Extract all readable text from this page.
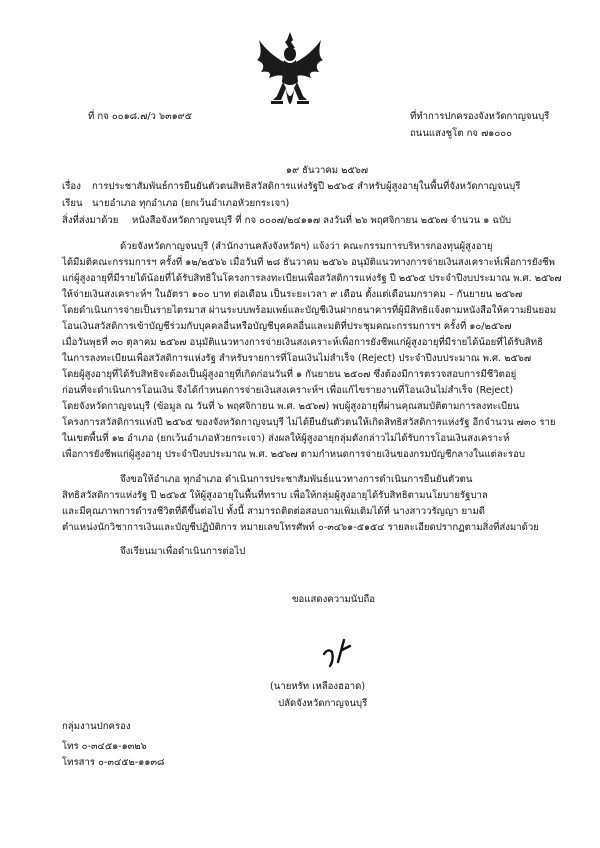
ที่ กจ ๐๐๑๘.๗/ว ๖๓๑๙๕	ที่ทำการปกครองจังหวัดกาญจนบุรี
ถนนแสงชูโต กจ ๗๑๐๐๐
๑๙ ธันวาคม ๒๕๖๗
เรื่อง การประชาสัมพันธ์การยืนยันตัวตนสิทธิสวัสดิการแห่งรัฐปี ๒๕๖๕ สำหรับผู้สูงอายุในพื้นที่จังหวัดกาญจนบุรี
เรียน นายอำเภอ ทุกอำเภอ (ยกเว้นอำเภอหัวยกระเจา)
สิ่งที่ส่งมาด้วย หนังสือจังหวัดกาญจนบุรี ที่ กจ ๐๐๐๗/๒๔๑๑๗ ลงวันที่ ๒๖ พฤศจิกายน ๒๕๖๗ จำนวน ๑ ฉบับ
ด้วยจังหวัดกาญจนบุรี (สำนักงานคลังจังหวัดฯ) แจ้งว่า คณะกรรมการบริหารกองทุนผู้สูงอายุ
ได้มีมติคณะกรรมการฯ ครั้งที่ ๑๒/๒๕๖๖ เมื่อวันที่ ๒๘ ธันวาคม ๒๕๖๖ อนุมัติแนวทางการจ่ายเงินสงเคราะห์เพื่อการยังชีพ
แก่ผู้สูงอายุที่มีรายได้น้อยที่ได้รับสิทธิในโครงการลงทะเบียนเพื่อสวัสดิการแห่งรัฐ ปี ๒๕๖๕ ประจำปีงบประมาณ พ.ศ. ๒๕๖๗
ให้จ่ายเงินสงเคราะห์ฯ ในอัตรา ๑๐๐ บาท ต่อเดือน เป็นระยะเวลา ๙ เดือน ตั้งแต่เดือนมกราคม – กันยายน ๒๕๖๗
โดยดำเนินการจ่ายเป็นรายไตรมาส ผ่านระบบพร้อมเพย์และบัญชีเงินฝากธนาคารที่ผู้มีสิทธิแจ้งตามหนังสือให้ความยินยอม
โอนเงินสวัสดิการเข้าบัญชีร่วมกับบุคคลอื่นหรือบัญชีบุคคลอื่นและมติที่ประชุมคณะกรรมการฯ ครั้งที่ ๑๐/๒๕๖๗
เมื่อวันพุธที่ ๓๐ ตุลาคม ๒๕๖๗ อนุมัติแนวทางการจ่ายเงินสงเคราะห์เพื่อการยังชีพแก่ผู้สูงอายุที่มีรายได้น้อยที่ได้รับสิทธิ
ในการลงทะเบียนเพื่อสวัสดิการแห่งรัฐ สำหรับรายการที่โอนเงินไม่สำเร็จ (Reject) ประจำปีงบประมาณ พ.ศ. ๒๕๖๗
โดยผู้สูงอายุที่ได้รับสิทธิจะต้องเป็นผู้สูงอายุที่เกิดก่อนวันที่ ๑ กันยายน ๒๕๐๗ ซึ่งต้องมีการตรวจสอบการมีชีวิตอยู่
ก่อนที่จะดำเนินการโอนเงิน จึงได้กำหนดการจ่ายเงินสงเคราะห์ฯ เพื่อแก้ไขรายงานที่โอนเงินไม่สำเร็จ (Reject)
โดยจังหวัดกาญจนบุรี (ข้อมูล ณ วันที่ ๖ พฤศจิกายน พ.ศ. ๒๕๖๗) พบผู้สูงอายุที่ผ่านคุณสมบัติตามการลงทะเบียน
โครงการสวัสดิการแห่งปี ๒๕๖๕ ของจังหวัดกาญจนบุรี ไม่ได้ยืนยันตัวตนให้เกิดสิทธิสวัสดิการแห่งรัฐ อีกจำนวน ๗๓๐ ราย
ในเขตพื้นที่ ๑๒ อำเภอ (ยกเว้นอำเภอหัวยกระเจา) ส่งผลให้ผู้สูงอายุกลุ่มดังกล่าวไม่ได้รับการโอนเงินสงเคราะห์
เพื่อการยังชีพแก่ผู้สูงอายุ ประจำปีงบประมาณ พ.ศ. ๒๕๖๗ ตามกำหนดการจ่ายเงินของกรมบัญชีกลางในแต่ละรอบ
จึงขอให้อำเภอ ทุกอำเภอ ดำเนินการประชาสัมพันธ์แนวทางการดำเนินการยืนยันตัวตน
สิทธิสวัสดิการแห่งรัฐ ปี ๒๕๖๕ ให้ผู้สูงอายุในพื้นที่ทราบ เพื่อให้กลุ่มผู้สูงอายุได้รับสิทธิตามนโยบายรัฐบาล
และมีคุณภาพการดำรงชีวิตที่ดีขึ้นต่อไป ทั้งนี้ สามารถติดต่อสอบถามเพิ่มเติมได้ที่ นางสาววรัญญา ยามดี
ตำแหน่งนักวิชาการเงินและบัญชีปฏิบัติการ หมายเลขโทรศัพท์ ๐-๓๔๖๑-๕๑๕๔ รายละเอียดปรากฏตามสิ่งที่ส่งมาด้วย
จึงเรียนมาเพื่อดำเนินการต่อไป
ขอแสดงความนับถือ
(นายหรัท เหลืองฮอาด)
ปลัดจังหวัดกาญจนบุรี
กลุ่มงานปกครอง
โทร ๐-๓๔๕๑-๑๓๒๖
โทรสาร ๐-๓๔๕๒-๑๑๓๘
